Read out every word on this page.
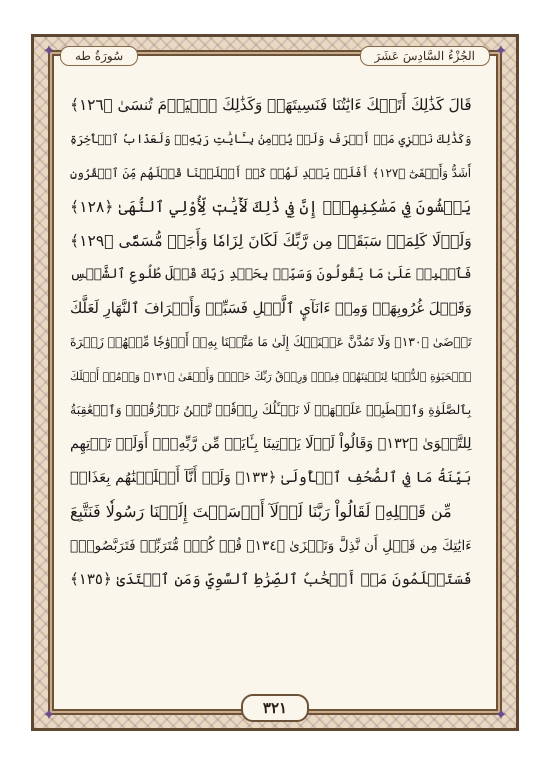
✦	✦
✦	✦
سُورَةُ طه	الجُزْءُ السَّادِسَ عَشَرَ
قَالَ كَذَٰلِكَ أَتَتۡكَ ءَايَٰتُنَا فَنَسِيتَهَاۖ وَكَذَٰلِكَ ٱلۡيَوۡمَ تُنسَىٰ ﴿١٢٦﴾
وَكَذَٰلِكَ نَجۡزِي مَنۡ أَسۡرَفَ وَلَمۡ يُؤۡمِنۢ بِـَٔايَٰتِ رَبِّهِۦۚ وَلَعَذَابُ ٱلۡأٓخِرَةِ
أَشَدُّ وَأَبۡقَىٰٓ ﴿١٢٧﴾ أَفَلَمۡ يَهۡدِ لَهُمۡ كَمۡ أَهۡلَكۡنَا قَبۡلَهُم مِّنَ ٱلۡقُرُونِ
يَمۡشُونَ فِي مَسَٰكِنِهِمۡۚ إِنَّ فِي ذَٰلِكَ لَأٓيَٰتٖ لِّأُوْلِي ٱلنُّهَىٰ ﴿١٢٨﴾
وَلَوۡلَا كَلِمَةٞ سَبَقَتۡ مِن رَّبِّكَ لَكَانَ لِزَامٗا وَأَجَلٞ مُّسَمّٗى ﴿١٢٩﴾
فَٱصۡبِرۡ عَلَىٰ مَا يَقُولُونَ وَسَبِّحۡ بِحَمۡدِ رَبِّكَ قَبۡلَ طُلُوعِ ٱلشَّمۡسِ
وَقَبۡلَ غُرُوبِهَاۖ وَمِنۡ ءَانَآيِٕ ٱلَّيۡلِ فَسَبِّحۡ وَأَطۡرَافَ ٱلنَّهَارِ لَعَلَّكَ
تَرۡضَىٰ ﴿١٣٠﴾ وَلَا تَمُدَّنَّ عَيۡنَيۡكَ إِلَىٰ مَا مَتَّعۡنَا بِهِۦٓ أَزۡوَٰجٗا مِّنۡهُمۡ زَهۡرَةَ
ٱلۡحَيَوٰةِ ٱلدُّنۡيَا لِنَفۡتِنَهُمۡ فِيهِۚ وَرِزۡقُ رَبِّكَ خَيۡرٞ وَأَبۡقَىٰ ﴿١٣١﴾ وَأۡمُرۡ أَهۡلَكَ
بِٱلصَّلَوٰةِ وَٱصۡطَبِرۡ عَلَيۡهَاۖ لَا نَسۡـَٔلُكَ رِزۡقٗاۖ نَّحۡنُ نَرۡزُقُكَۗ وَٱلۡعَٰقِبَةُ
لِلتَّقۡوَىٰ ﴿١٣٢﴾ وَقَالُواْ لَوۡلَا يَأۡتِينَا بِـَٔايَةٖ مِّن رَّبِّهِۦٓۚ أَوَلَمۡ تَأۡتِهِم
بَيِّنَةُ مَا فِي ٱلصُّحُفِ ٱلۡأُولَىٰ ﴿١٣٣﴾ وَلَوۡ أَنَّآ أَهۡلَكۡنَٰهُم بِعَذَابٖ
مِّن قَبۡلِهِۦ لَقَالُواْ رَبَّنَا لَوۡلَآ أَرۡسَلۡتَ إِلَيۡنَا رَسُولٗا فَنَتَّبِعَ
ءَايَٰتِكَ مِن قَبۡلِ أَن نَّذِلَّ وَنَخۡزَىٰ ﴿١٣٤﴾ قُلۡ كُلّٞ مُّتَرَبِّصٞ فَتَرَبَّصُواْۖ
فَسَتَعۡلَمُونَ مَنۡ أَصۡحَٰبُ ٱلصِّرَٰطِ ٱلسَّوِيِّ وَمَنِ ٱهۡتَدَىٰ ﴿١٣٥﴾
٣٢١
